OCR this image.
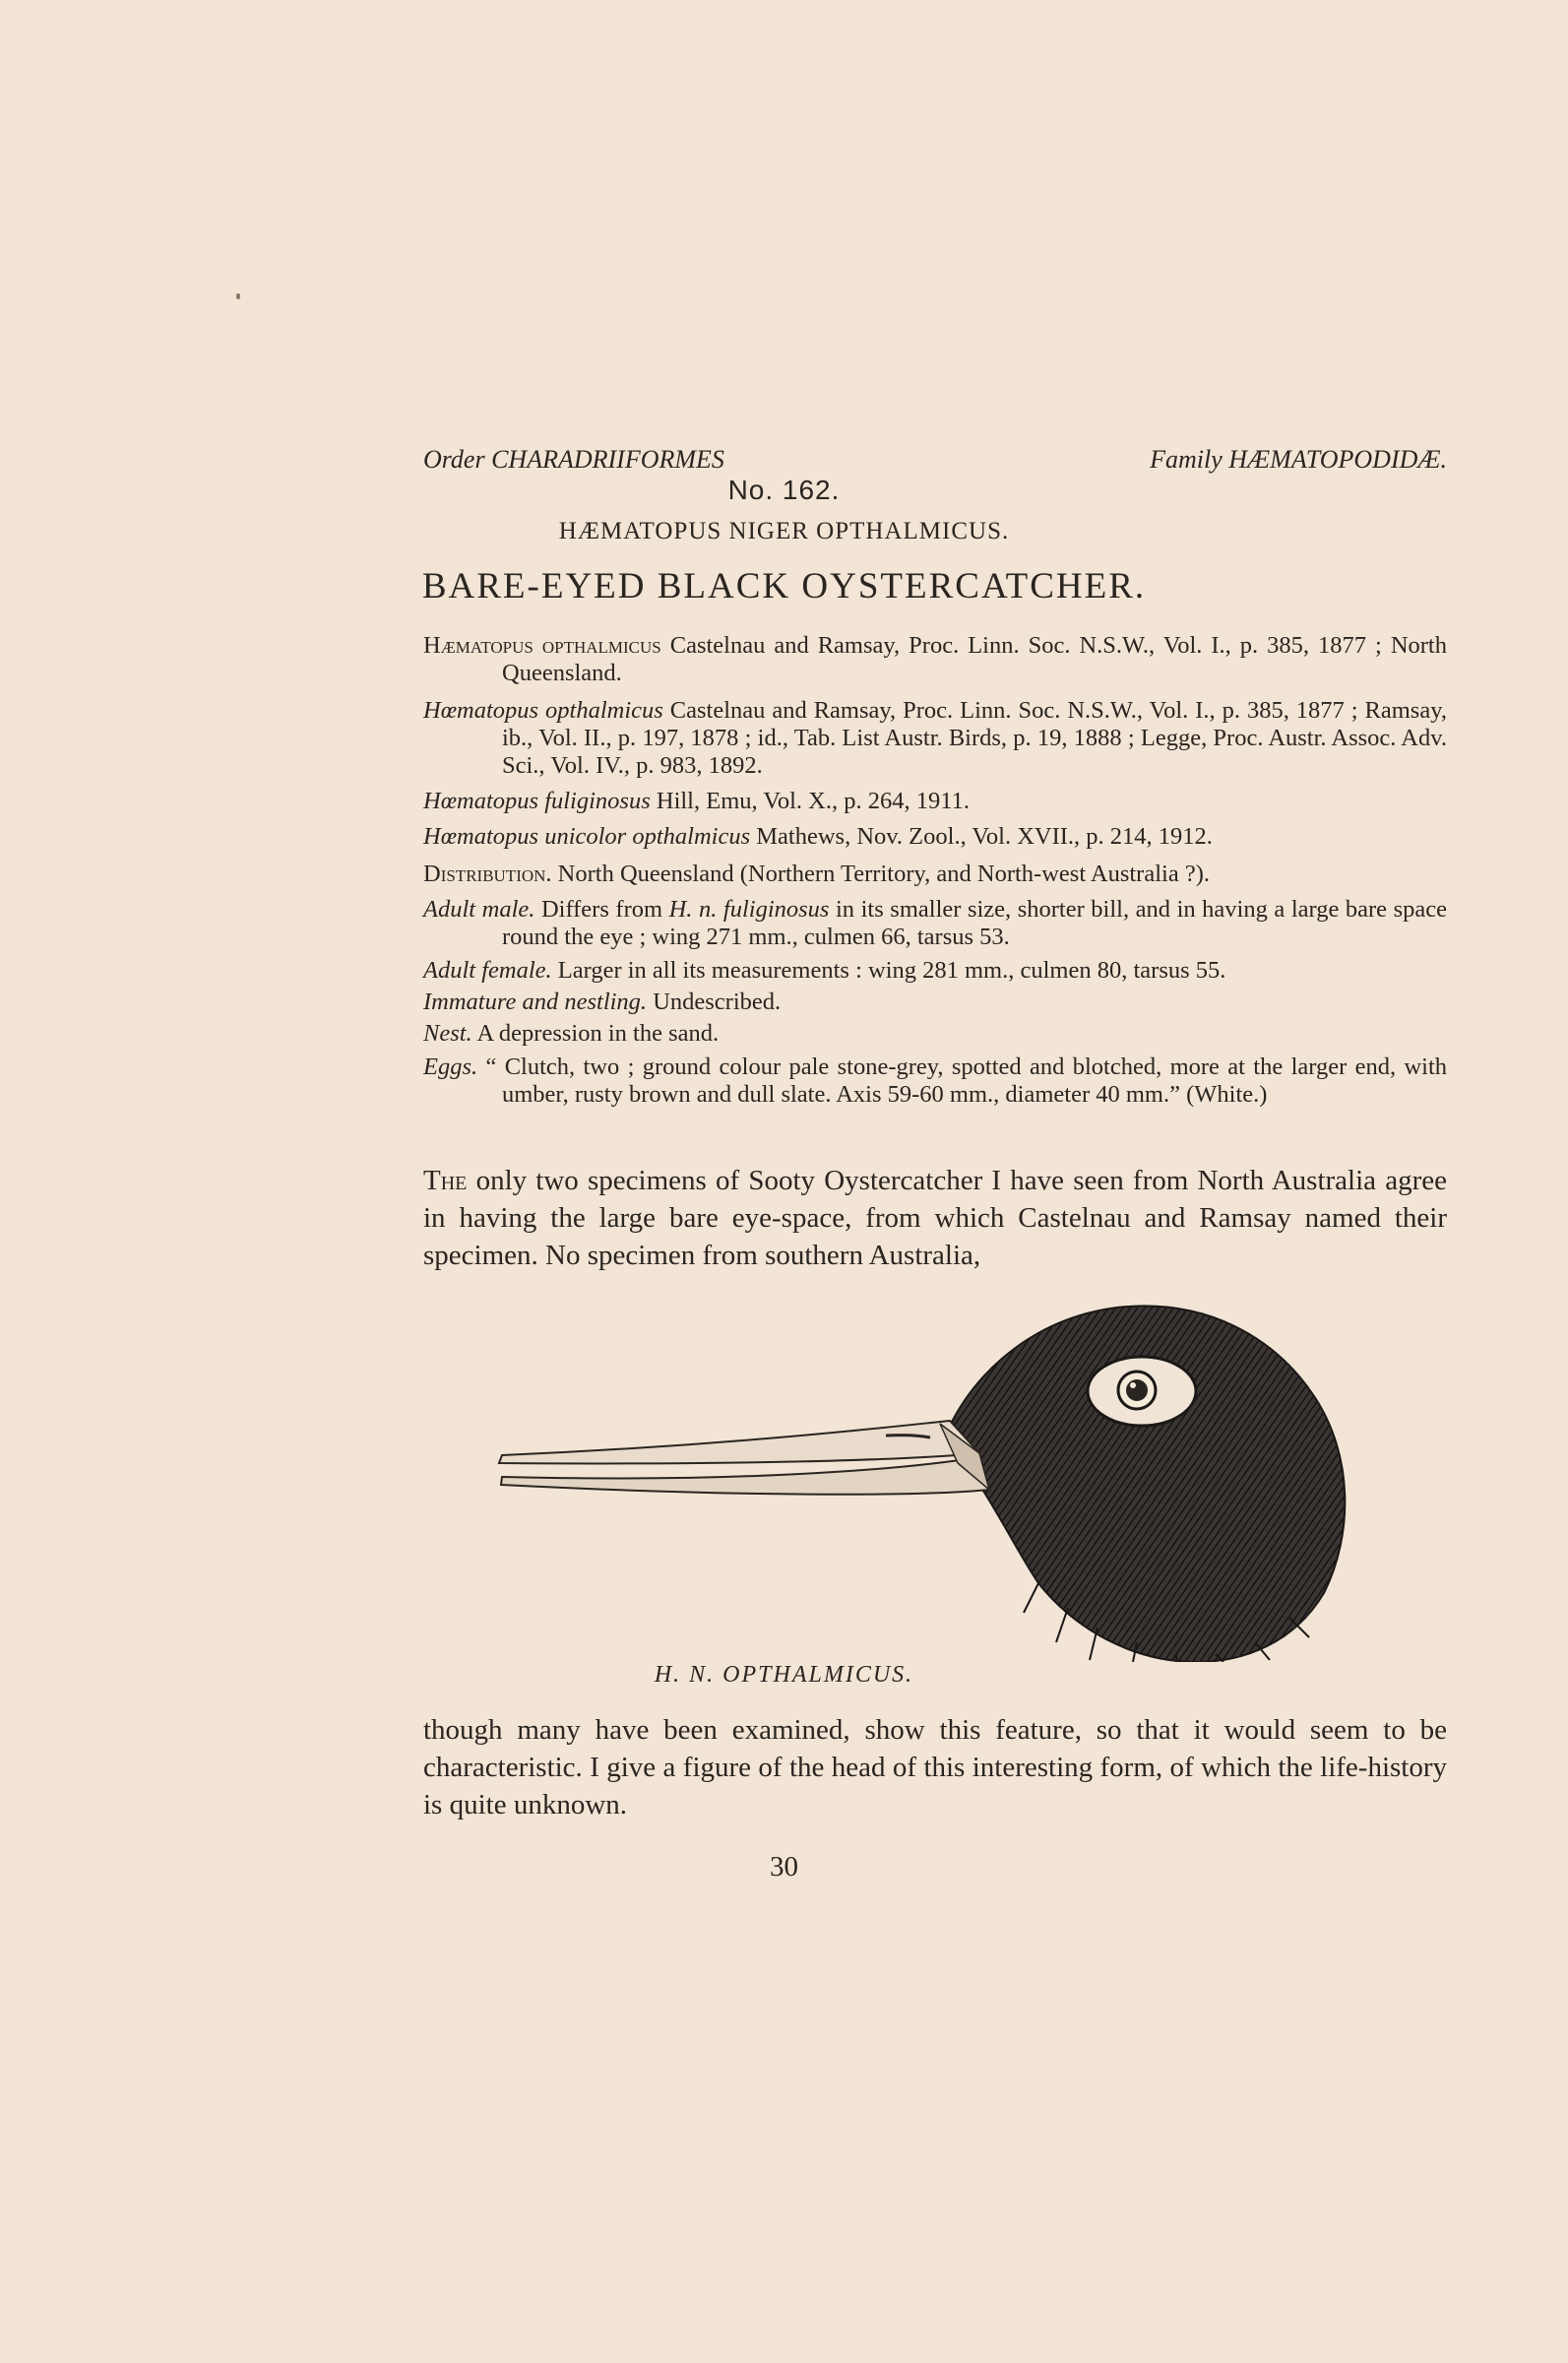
Order CHARADRIIFORMES	Family HÆMATOPODIDÆ.
No. 162.
HÆMATOPUS NIGER OPTHALMICUS.
BARE-EYED BLACK OYSTERCATCHER.
Hæmatopus opthalmicus Castelnau and Ramsay, Proc. Linn. Soc. N.S.W., Vol. I., p. 385, 1877 ; North Queensland.
Hœmatopus opthalmicus Castelnau and Ramsay, Proc. Linn. Soc. N.S.W., Vol. I., p. 385, 1877 ; Ramsay, ib., Vol. II., p. 197, 1878 ; id., Tab. List Austr. Birds, p. 19, 1888 ; Legge, Proc. Austr. Assoc. Adv. Sci., Vol. IV., p. 983, 1892.
Hœmatopus fuliginosus Hill, Emu, Vol. X., p. 264, 1911.
Hœmatopus unicolor opthalmicus Mathews, Nov. Zool., Vol. XVII., p. 214, 1912.
Distribution. North Queensland (Northern Territory, and North-west Australia ?).
Adult male. Differs from H. n. fuliginosus in its smaller size, shorter bill, and in having a large bare space round the eye ; wing 271 mm., culmen 66, tarsus 53.
Adult female. Larger in all its measurements : wing 281 mm., culmen 80, tarsus 55.
Immature and nestling. Undescribed.
Nest. A depression in the sand.
Eggs. “ Clutch, two ; ground colour pale stone-grey, spotted and blotched, more at the larger end, with umber, rusty brown and dull slate. Axis 59-60 mm., diameter 40 mm.” (White.)
The only two specimens of Sooty Oystercatcher I have seen from North Australia agree in having the large bare eye-space, from which Castelnau and Ramsay named their specimen. No specimen from southern Australia,
H. N. OPTHALMICUS.
though many have been examined, show this feature, so that it would seem to be characteristic. I give a figure of the head of this interesting form, of which the life-history is quite unknown.
30
